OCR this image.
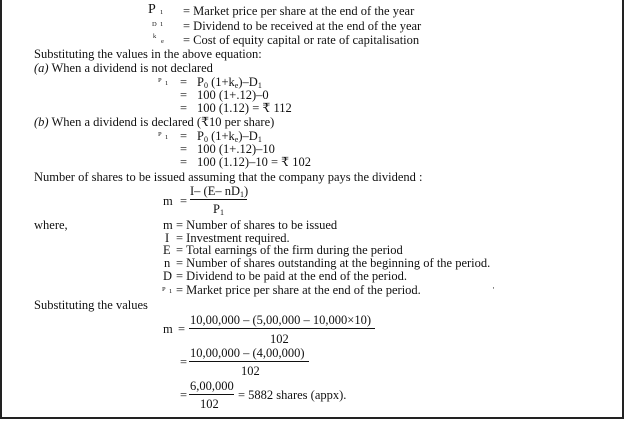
P 1 = Market price per share at the end of the year
D 1 = Dividend to be received at the end of the year
k
e = Cost of equity capital or rate of capitalisation
Substituting the values in the above equation:
(a) When a dividend is not declared
P $1 = P_0$ $(1+k_e)-D_1$
= 100 (1+.12)–0
= 100 (1.12) = ₹ 112
(b) When a dividend is declared (₹10 per share)
P $1 = P_0$ $(1+k_e)-D_1$
= 100 (1+.12)–10
= 100 (1.12)–10 = ₹ 102
Number of shares to be issued assuming that the company pays the dividend :
m =
I– (E– $nD_1$)
$P_1$
where,	m = Number of shares to be issued
I = Investment required.
E = Total earnings of the firm during the period
n = Number of shares outstanding at the beginning of the period.
D = Dividend to be paid at the end of the period.
P 1 = Market price per share at the end of the period.	·
Substituting the values
m =
10,00,000 – (5,00,000 – 10,000×10)
102
=
10,00,000 – (4,00,000)
102
=
6,00,000
102
= 5882 shares (appx).
